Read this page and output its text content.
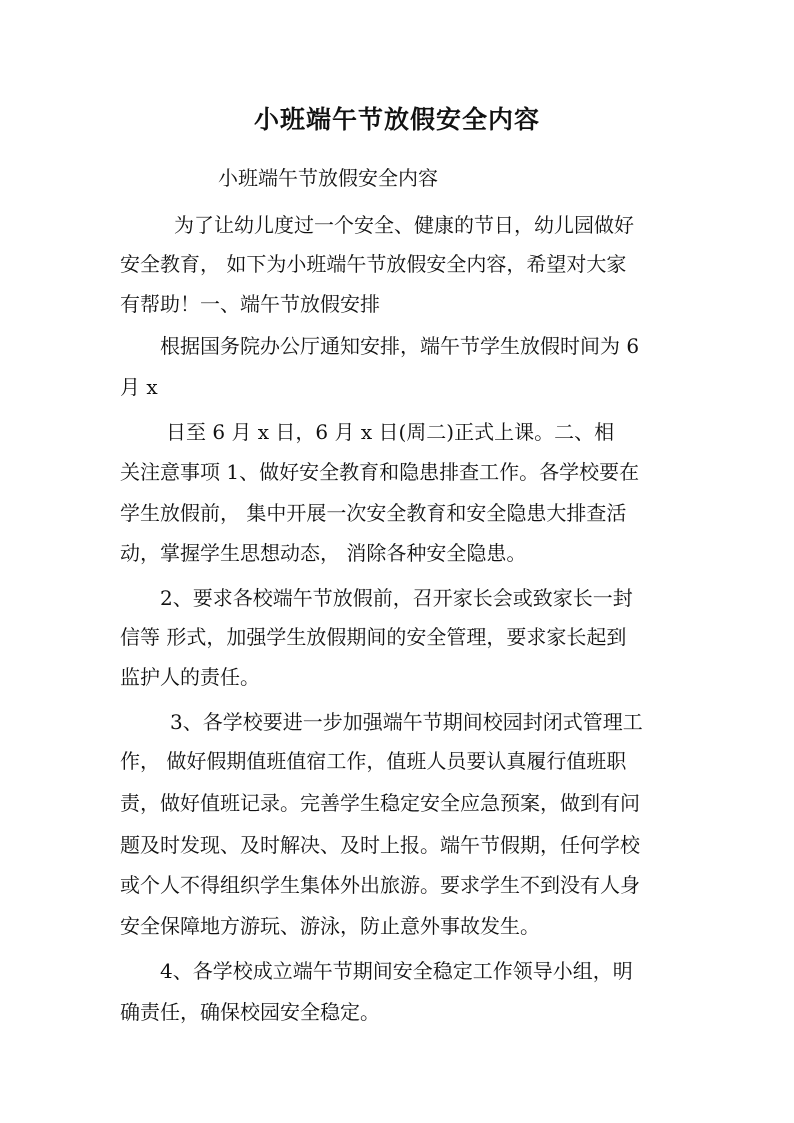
小班端午节放假安全内容
小班端午节放假安全内容
为了让幼儿度过一个安全、健康的节日，幼儿园做好
安全教育， 如下为小班端午节放假安全内容，希望对大家
有帮助！一、端午节放假安排
根据国务院办公厅通知安排，端午节学生放假时间为 6
月 x
日至 6 月 x 日，6 月 x 日(周二)正式上课。二、相
关注意事项 1、做好安全教育和隐患排查工作。各学校要在
学生放假前， 集中开展一次安全教育和安全隐患大排查活
动，掌握学生思想动态， 消除各种安全隐患。
2、要求各校端午节放假前，召开家长会或致家长一封
信等 形式，加强学生放假期间的安全管理，要求家长起到
监护人的责任。
3、各学校要进一步加强端午节期间校园封闭式管理工
作， 做好假期值班值宿工作，值班人员要认真履行值班职
责，做好值班记录。完善学生稳定安全应急预案，做到有问
题及时发现、及时解决、及时上报。端午节假期，任何学校
或个人不得组织学生集体外出旅游。要求学生不到没有人身
安全保障地方游玩、游泳，防止意外事故发生。
4、各学校成立端午节期间安全稳定工作领导小组，明
确责任，确保校园安全稳定。
